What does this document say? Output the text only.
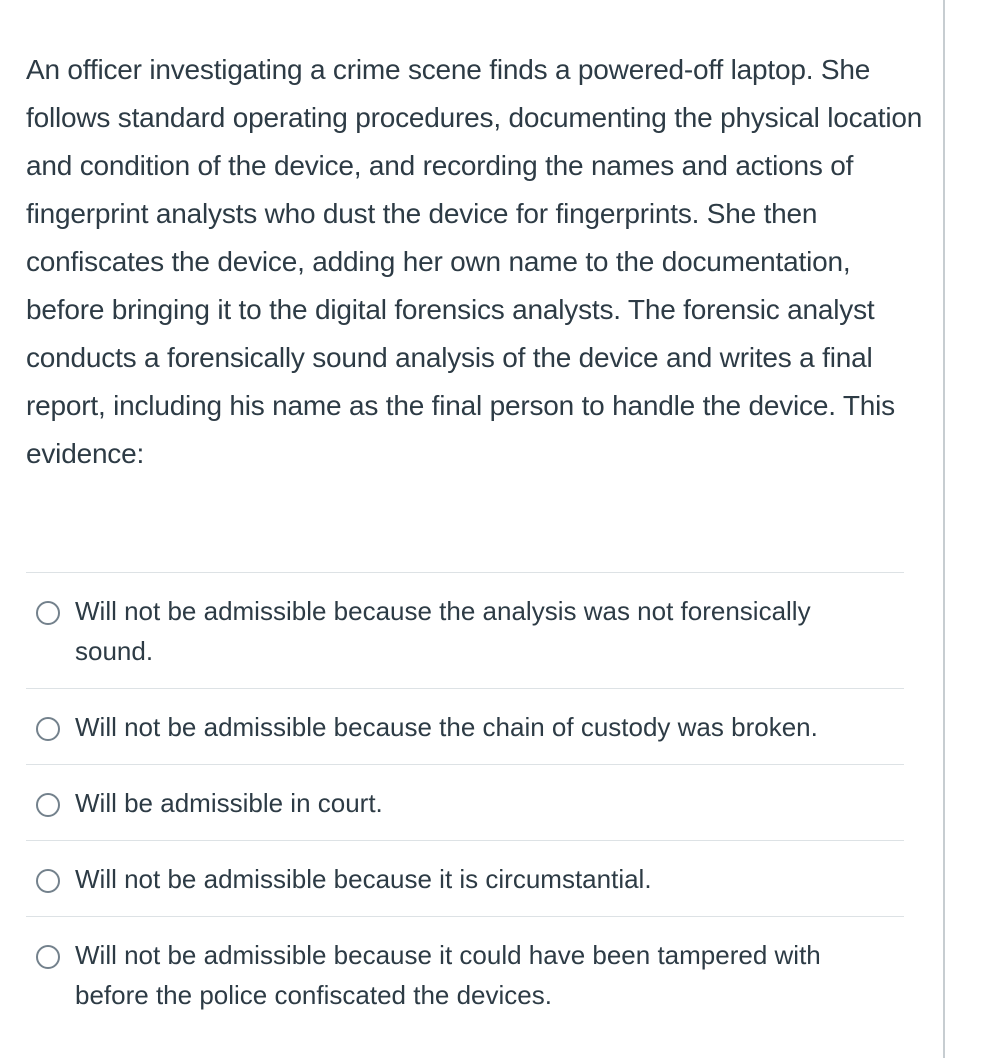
An officer investigating a crime scene finds a powered-off laptop. She follows standard operating procedures, documenting the physical location and condition of the device, and recording the names and actions of fingerprint analysts who dust the device for fingerprints. She then confiscates the device, adding her own name to the documentation, before bringing it to the digital forensics analysts. The forensic analyst conducts a forensically sound analysis of the device and writes a final report, including his name as the final person to handle the device. This evidence:
Will not be admissible because the analysis was not forensically sound.
Will not be admissible because the chain of custody was broken.
Will be admissible in court.
Will not be admissible because it is circumstantial.
Will not be admissible because it could have been tampered with before the police confiscated the devices.
